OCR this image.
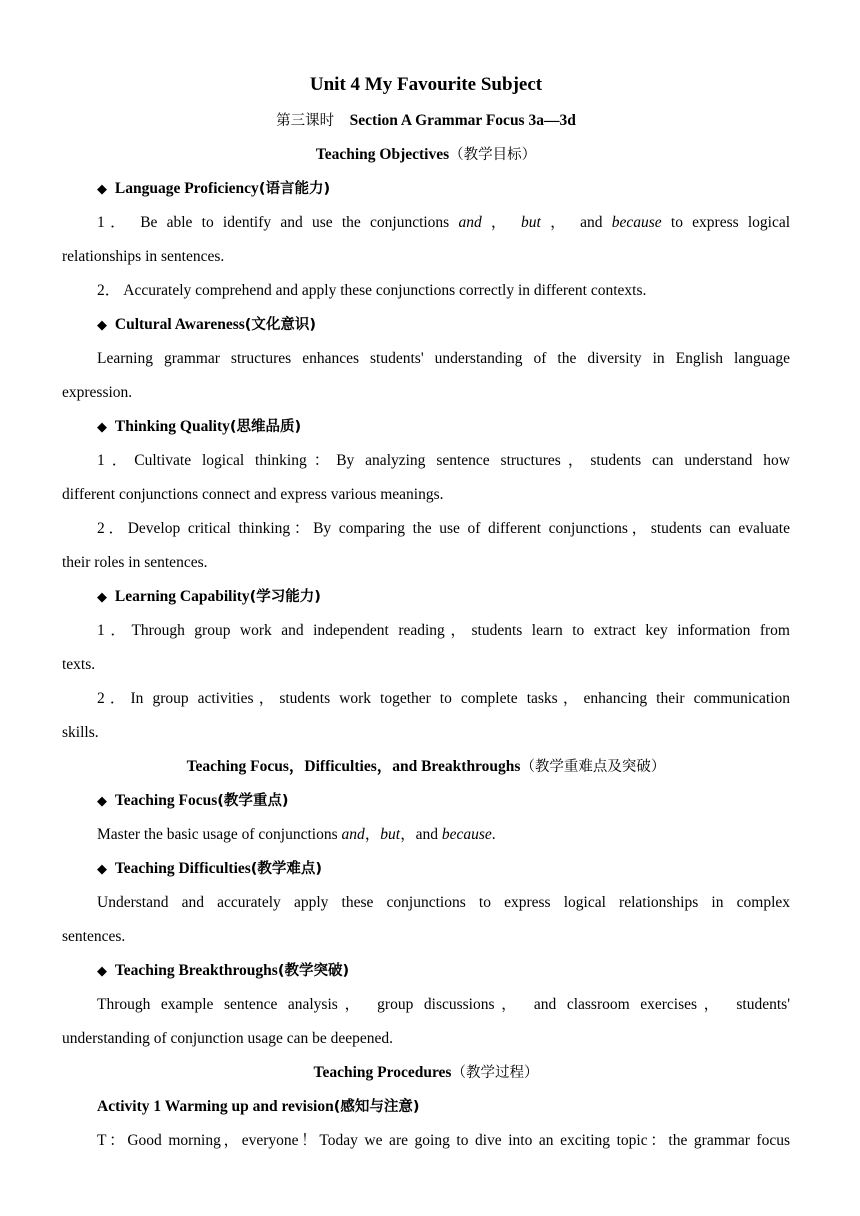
Unit 4 My Favourite Subject
第三课时 Section A Grammar Focus 3a—3d
Teaching Objectives（教学目标）
◆ Language Proficiency(语言能力)
1． Be able to identify and use the conjunctions and ， but ， and because to express logical
relationships in sentences.
2． Accurately comprehend and apply these conjunctions correctly in different contexts.
◆ Cultural Awareness(文化意识)
Learning grammar structures enhances students' understanding of the diversity in English language
expression.
◆ Thinking Quality(思维品质)
1．Cultivate logical thinking：By analyzing sentence structures，students can understand how
different conjunctions connect and express various meanings.
2．Develop critical thinking：By comparing the use of different conjunctions，students can evaluate
their roles in sentences.
◆ Learning Capability(学习能力)
1．Through group work and independent reading，students learn to extract key information from
texts.
2．In group activities，students work together to complete tasks，enhancing their communication
skills.
Teaching Focus，Difficulties，and Breakthroughs（教学重难点及突破）
◆ Teaching Focus(教学重点)
Master the basic usage of conjunctions and，but，and because.
◆ Teaching Difficulties(教学难点)
Understand and accurately apply these conjunctions to express logical relationships in complex
sentences.
◆ Teaching Breakthroughs(教学突破)
Through example sentence analysis， group discussions， and classroom exercises， students'
understanding of conjunction usage can be deepened.
Teaching Procedures（教学过程）
Activity 1 Warming up and revision(感知与注意)
T：Good morning，everyone！Today we are going to dive into an exciting topic：the grammar focus
